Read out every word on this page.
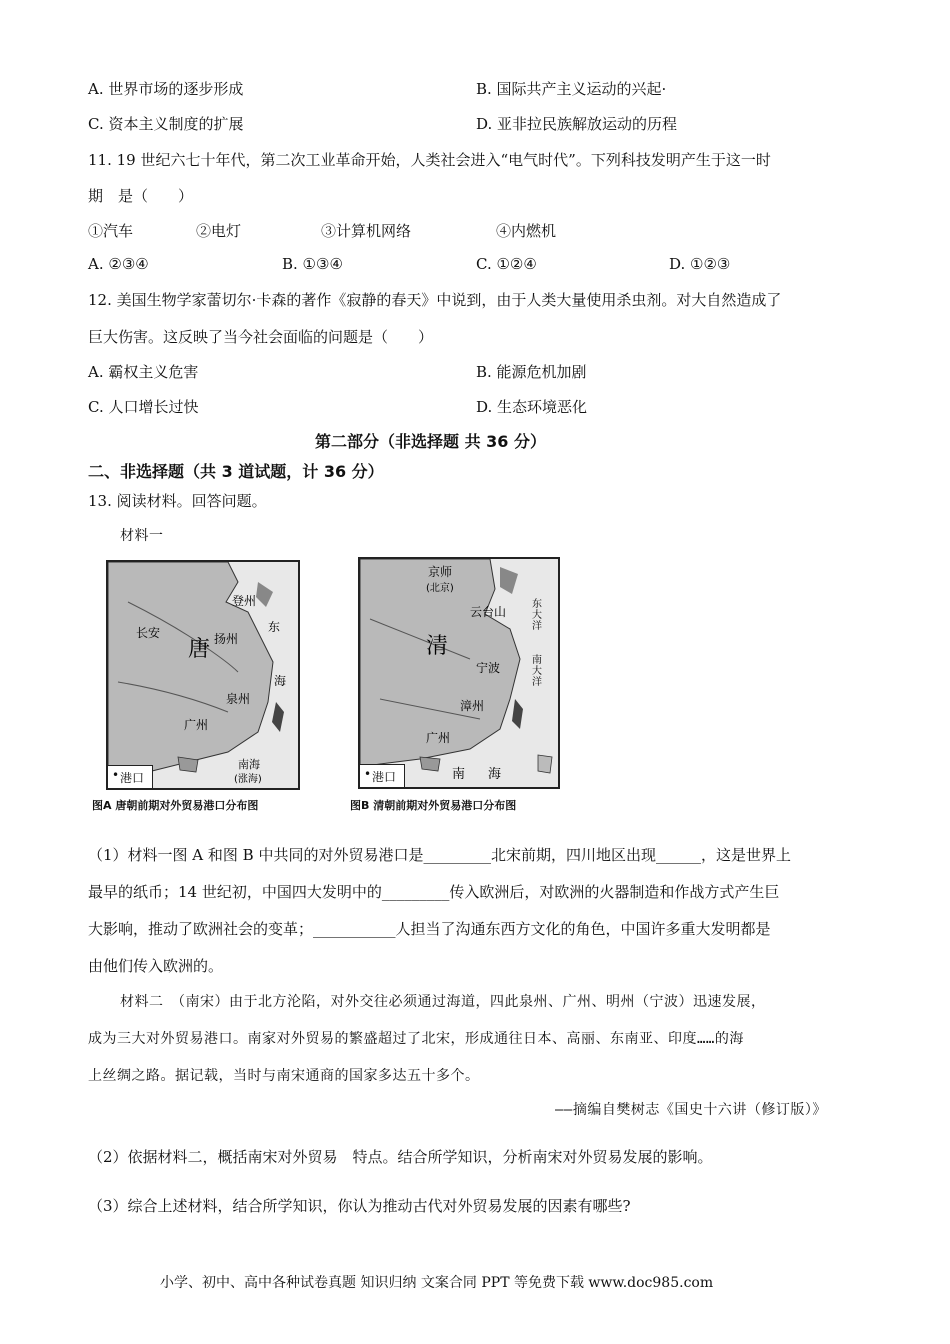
A. 世界市场的逐步形成	B. 国际共产主义运动的兴起·
C. 资本主义制度的扩展	D. 亚非拉民族解放运动的历程
11. 19 世纪六七十年代，第二次工业革命开始，人类社会进入“电气时代”。下列科技发明产生于这一时
期　是（　　）
①汽车	②电灯	③计算机网络	④内燃机
A. ②③④	B. ①③④	C. ①②④	D. ①②③
12. 美国生物学家蕾切尔·卡森的著作《寂静的春天》中说到，由于人类大量使用杀虫剂。对大自然造成了
巨大伤害。这反映了当今社会面临的问题是（　　）
A. 霸权主义危害	B. 能源危机加剧
C. 人口增长过快	D. 生态环境恶化
第二部分（非选择题 共 36 分）
二、非选择题（共 3 道试题，计 36 分）
13. 阅读材料。回答问题。
材料一
唐
长安	扬州
登州
泉州
广州
东
海
南海
(涨海)
• 港口
图A 唐朝前期对外贸易港口分布图
清
京师
(北京)
云台山
宁波
漳州
广州
东大洋
南大洋
南 海
• 港口
图B 清朝前期对外贸易港口分布图
（1）材料一图 A 和图 B 中共同的对外贸易港口是_________北宋前期，四川地区出现______，这是世界上
最早的纸币；14 世纪初，中国四大发明中的_________传入欧洲后，对欧洲的火器制造和作战方式产生巨
大影响，推动了欧洲社会的变革；___________人担当了沟通东西方文化的角色，中国许多重大发明都是
由他们传入欧洲的。
材料二　（南宋）由于北方沦陷，对外交往必须通过海道，四此泉州、广州、明州（宁波）迅速发展，
成为三大对外贸易港口。南家对外贸易的繁盛超过了北宋，形成通往日本、高丽、东南亚、印度……的海
上丝绸之路。据记载，当时与南宋通商的国家多达五十多个。
——摘编自樊树志《国史十六讲（修订版）》
（2）依据材料二，概括南宋对外贸易　特点。结合所学知识，分析南宋对外贸易发展的影响。
（3）综合上述材料，结合所学知识，你认为推动古代对外贸易发展的因素有哪些?
小学、初中、高中各种试卷真题 知识归纳 文案合同 PPT 等免费下载 www.doc985.com
